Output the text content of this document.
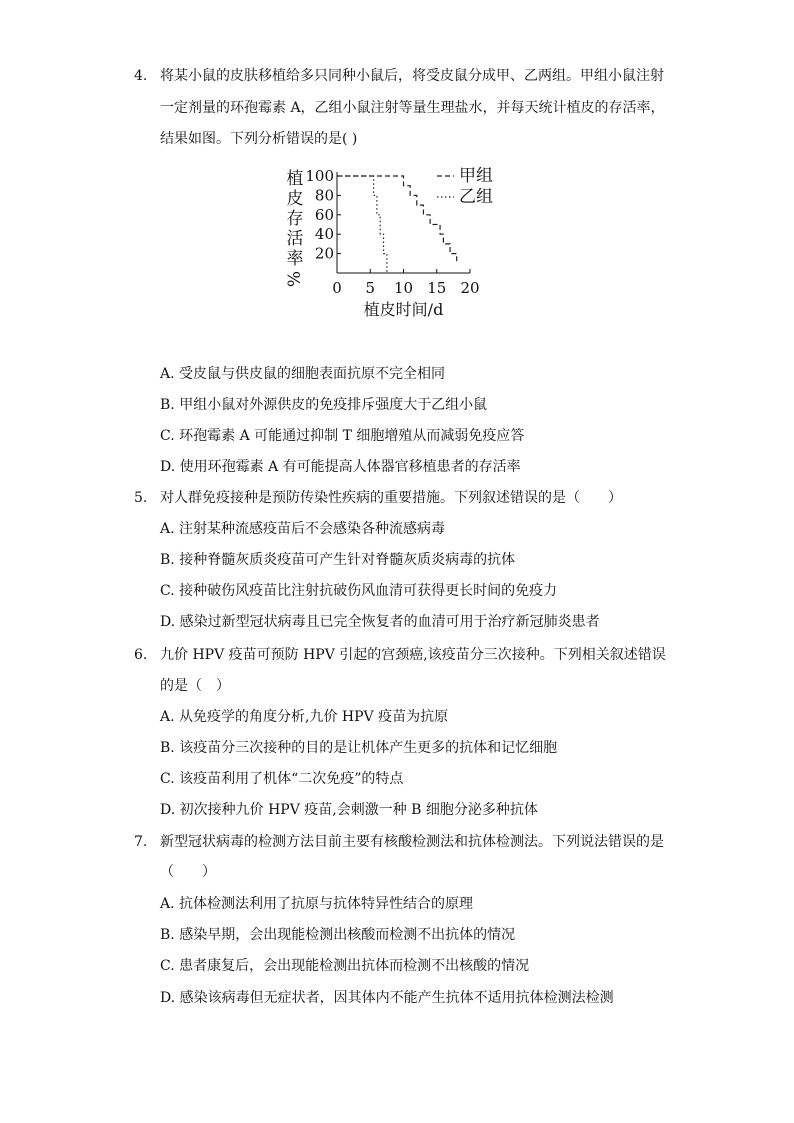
4. 将某小鼠的皮肤移植给多只同种小鼠后，将受皮鼠分成甲、乙两组。甲组小鼠注射
一定剂量的环孢霉素 A，乙组小鼠注射等量生理盐水，并每天统计植皮的存活率，
结果如图。下列分析错误的是( )
20
40
60
80
100
0 5 10 15 20
植
皮
存
活
率
%
植皮时间/d
甲组
乙组
A. 受皮鼠与供皮鼠的细胞表面抗原不完全相同
B. 甲组小鼠对外源供皮的免疫排斥强度大于乙组小鼠
C. 环孢霉素 A 可能通过抑制 T 细胞增殖从而减弱免疫应答
D. 使用环孢霉素 A 有可能提高人体器官移植患者的存活率
5. 对人群免疫接种是预防传染性疾病的重要措施。下列叙述错误的是（　　）
A. 注射某种流感疫苗后不会感染各种流感病毒
B. 接种脊髓灰质炎疫苗可产生针对脊髓灰质炎病毒的抗体
C. 接种破伤风疫苗比注射抗破伤风血清可获得更长时间的免疫力
D. 感染过新型冠状病毒且已完全恢复者的血清可用于治疗新冠肺炎患者
6. 九价 HPV 疫苗可预防 HPV 引起的宫颈癌,该疫苗分三次接种。下列相关叙述错误
的是（　）
A. 从免疫学的角度分析,九价 HPV 疫苗为抗原
B. 该疫苗分三次接种的目的是让机体产生更多的抗体和记忆细胞
C. 该疫苗利用了机体“二次免疫”的特点
D. 初次接种九价 HPV 疫苗,会刺激一种 B 细胞分泌多种抗体
7. 新型冠状病毒的检测方法目前主要有核酸检测法和抗体检测法。下列说法错误的是
（　　）
A. 抗体检测法利用了抗原与抗体特异性结合的原理
B. 感染早期，会出现能检测出核酸而检测不出抗体的情况
C. 患者康复后，会出现能检测出抗体而检测不出核酸的情况
D. 感染该病毒但无症状者，因其体内不能产生抗体不适用抗体检测法检测
